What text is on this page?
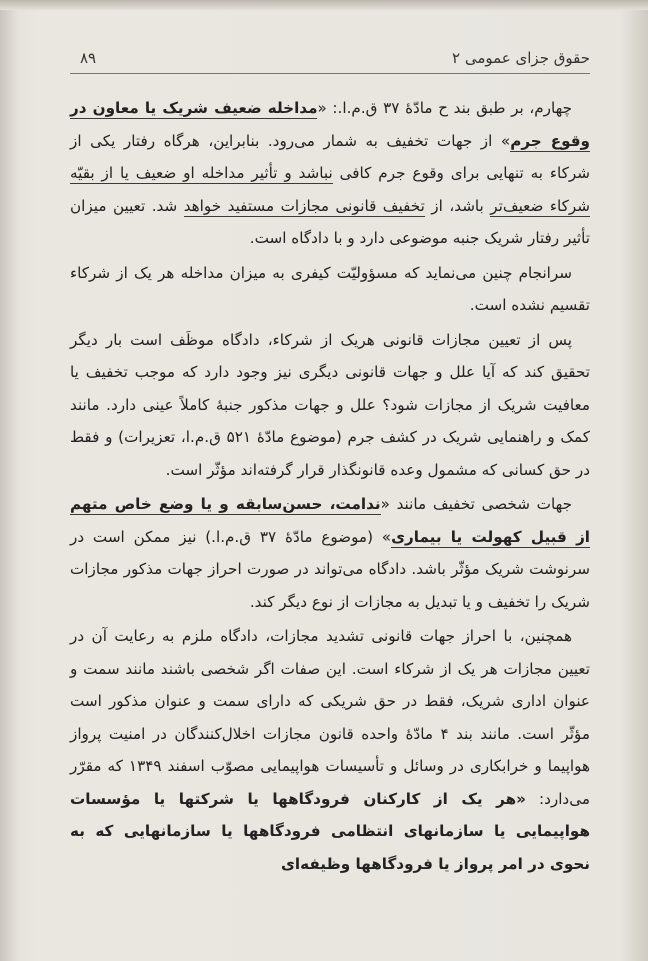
حقوق جزای عمومی ۲
۸۹

چهارم، بر طبق بند ح مادّهٔ ۳۷ ق.م.ا.: «مداخله ضعیف شریک یا معاون در وقوع جرم» از جهات تخفیف به شمار می‌رود. بنابراین، هرگاه رفتار یکی از شرکاء به تنهایی برای وقوع جرم کافی نباشد و تأثیر مداخله او ضعیف یا از بقیّه شرکاء ضعیف‌تر باشد، از تخفیف قانونی مجازات مستفید خواهد شد. تعیین میزان تأثیر رفتار شریک جنبه موضوعی دارد و با دادگاه است.

سرانجام چنین می‌نماید که مسؤولیّت کیفری به میزان مداخله هر یک از شرکاء تقسیم نشده است.

پس از تعیین مجازات قانونی هریک از شرکاء، دادگاه موظَف است بار دیگر تحقیق کند که آیا علل و جهات قانونی دیگری نیز وجود دارد که موجب تخفیف یا معافیت شریک از مجازات شود؟ علل و جهات مذکور جنبهٔ کاملاً عینی دارد. مانند کمک و راهنمایی شریک در کشف جرم (موضوع مادّهٔ ۵۲۱ ق.م.ا، تعزیرات) و فقط در حق کسانی که مشمول وعده قانونگذار قرار گرفته‌اند مؤثّر است.

جهات شخصی تخفیف مانند «ندامت، حسن‌سابقه و یا وضع خاص متهم از قبیل کهولت یا بیماری» (موضوع مادّهٔ ۳۷ ق.م.ا.) نیز ممکن است در سرنوشت شریک مؤثّر باشد. دادگاه می‌تواند در صورت احراز جهات مذکور مجازات شریک را تخفیف و یا تبدیل به مجازات از نوع دیگر کند.

همچنین، با احراز جهات قانونی تشدید مجازات، دادگاه ملزم به رعایت آن در تعیین مجازات هر یک از شرکاء است. این صفات اگر شخصی باشند مانند سمت و عنوان اداری شریک، فقط در حق شریکی که دارای سمت و عنوان مذکور است مؤثّر است. مانند بند ۴ مادّهٔ واحده قانون مجازات اخلال‌کنندگان در امنیت پرواز هواپیما و خرابکاری در وسائل و تأسیسات هواپیمایی مصوّب اسفند ۱۳۴۹ که مقرّر می‌دارد: «هر یک از کارکنان فرودگاهها یا شرکتها یا مؤسسات هواپیمایی یا سازمانهای انتظامی فرودگاهها یا سازمانهایی که به نحوی در امر پرواز یا فرودگاهها وظیفه‌ای
